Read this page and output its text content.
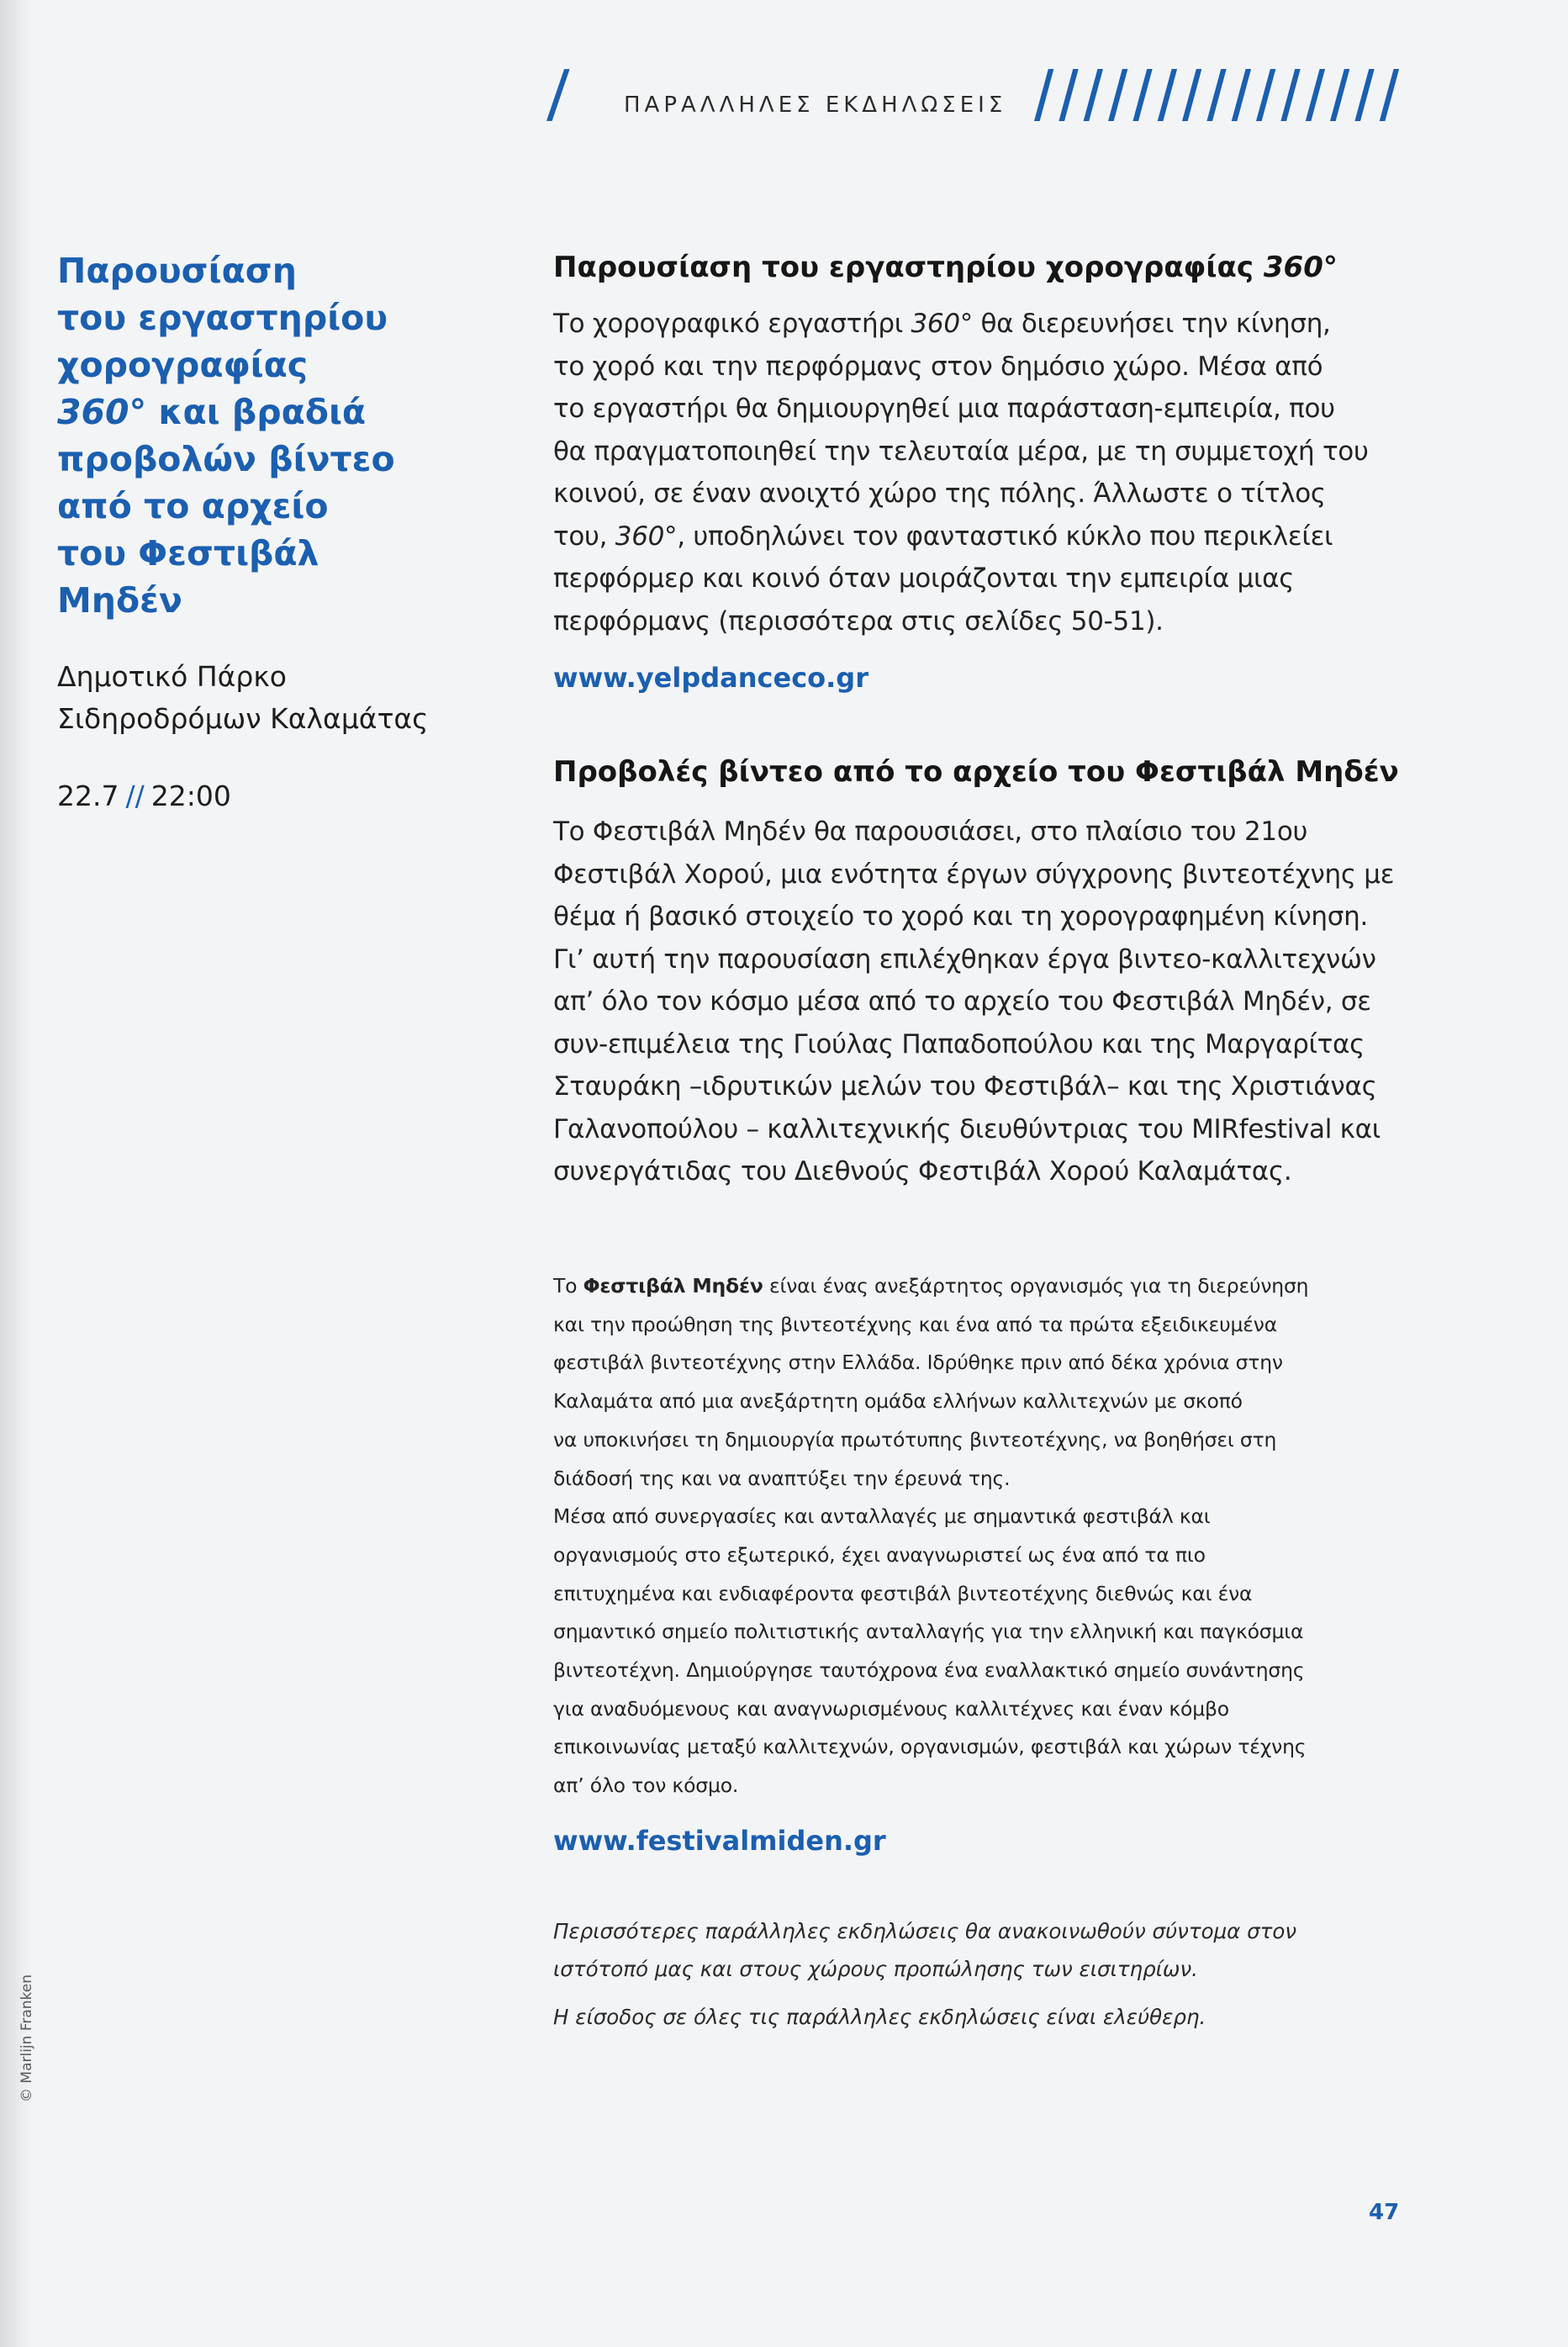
/ ΠΑΡΑΛΛΗΛΕΣ ΕΚΔΗΛΩΣΕΙΣ ///////////////
Παρουσίαση
του εργαστηρίου
χορογραφίας
360° και βραδιά
προβολών βίντεο
από το αρχείο
του Φεστιβάλ
Μηδέν
Δημοτικό Πάρκο
Σιδηροδρόμων Καλαμάτας
22.7 // 22:00
Παρουσίαση του εργαστηρίου χορογραφίας 360°
Το χορογραφικό εργαστήρι 360° θα διερευνήσει την κίνηση,
το χορό και την περφόρμανς στον δημόσιο χώρο. Μέσα από
το εργαστήρι θα δημιουργηθεί μια παράσταση-εμπειρία, που
θα πραγματοποιηθεί την τελευταία μέρα, με τη συμμετοχή του
κοινού, σε έναν ανοιχτό χώρο της πόλης. Άλλωστε ο τίτλος
του, 360°, υποδηλώνει τον φανταστικό κύκλο που περικλείει
περφόρμερ και κοινό όταν μοιράζονται την εμπειρία μιας
περφόρμανς (περισσότερα στις σελίδες 50-51).
www.yelpdanceco.gr
Προβολές βίντεο από το αρχείο του Φεστιβάλ Μηδέν
Το Φεστιβάλ Μηδέν θα παρουσιάσει, στο πλαίσιο του 21ου
Φεστιβάλ Χορού, μια ενότητα έργων σύγχρονης βιντεοτέχνης με
θέμα ή βασικό στοιχείο το χορό και τη χορογραφημένη κίνηση.
Γι’ αυτή την παρουσίαση επιλέχθηκαν έργα βιντεο-καλλιτεχνών
απ’ όλο τον κόσμο μέσα από το αρχείο του Φεστιβάλ Μηδέν, σε
συν-επιμέλεια της Γιούλας Παπαδοπούλου και της Μαργαρίτας
Σταυράκη –ιδρυτικών μελών του Φεστιβάλ– και της Χριστιάνας
Γαλανοπούλου – καλλιτεχνικής διευθύντριας του MIRfestival και
συνεργάτιδας του Διεθνούς Φεστιβάλ Χορού Καλαμάτας.
Το Φεστιβάλ Μηδέν είναι ένας ανεξάρτητος οργανισμός για τη διερεύνηση
και την προώθηση της βιντεοτέχνης και ένα από τα πρώτα εξειδικευμένα
φεστιβάλ βιντεοτέχνης στην Ελλάδα. Ιδρύθηκε πριν από δέκα χρόνια στην
Καλαμάτα από μια ανεξάρτητη ομάδα ελλήνων καλλιτεχνών με σκοπό
να υποκινήσει τη δημιουργία πρωτότυπης βιντεοτέχνης, να βοηθήσει στη
διάδοσή της και να αναπτύξει την έρευνά της.
Μέσα από συνεργασίες και ανταλλαγές με σημαντικά φεστιβάλ και
οργανισμούς στο εξωτερικό, έχει αναγνωριστεί ως ένα από τα πιο
επιτυχημένα και ενδιαφέροντα φεστιβάλ βιντεοτέχνης διεθνώς και ένα
σημαντικό σημείο πολιτιστικής ανταλλαγής για την ελληνική και παγκόσμια
βιντεοτέχνη. Δημιούργησε ταυτόχρονα ένα εναλλακτικό σημείο συνάντησης
για αναδυόμενους και αναγνωρισμένους καλλιτέχνες και έναν κόμβο
επικοινωνίας μεταξύ καλλιτεχνών, οργανισμών, φεστιβάλ και χώρων τέχνης
απ’ όλο τον κόσμο.
www.festivalmiden.gr
Περισσότερες παράλληλες εκδηλώσεις θα ανακοινωθούν σύντομα στον
ιστότοπό μας και στους χώρους προπώλησης των εισιτηρίων.
Η είσοδος σε όλες τις παράλληλες εκδηλώσεις είναι ελεύθερη.
47
© Marlijn Franken
